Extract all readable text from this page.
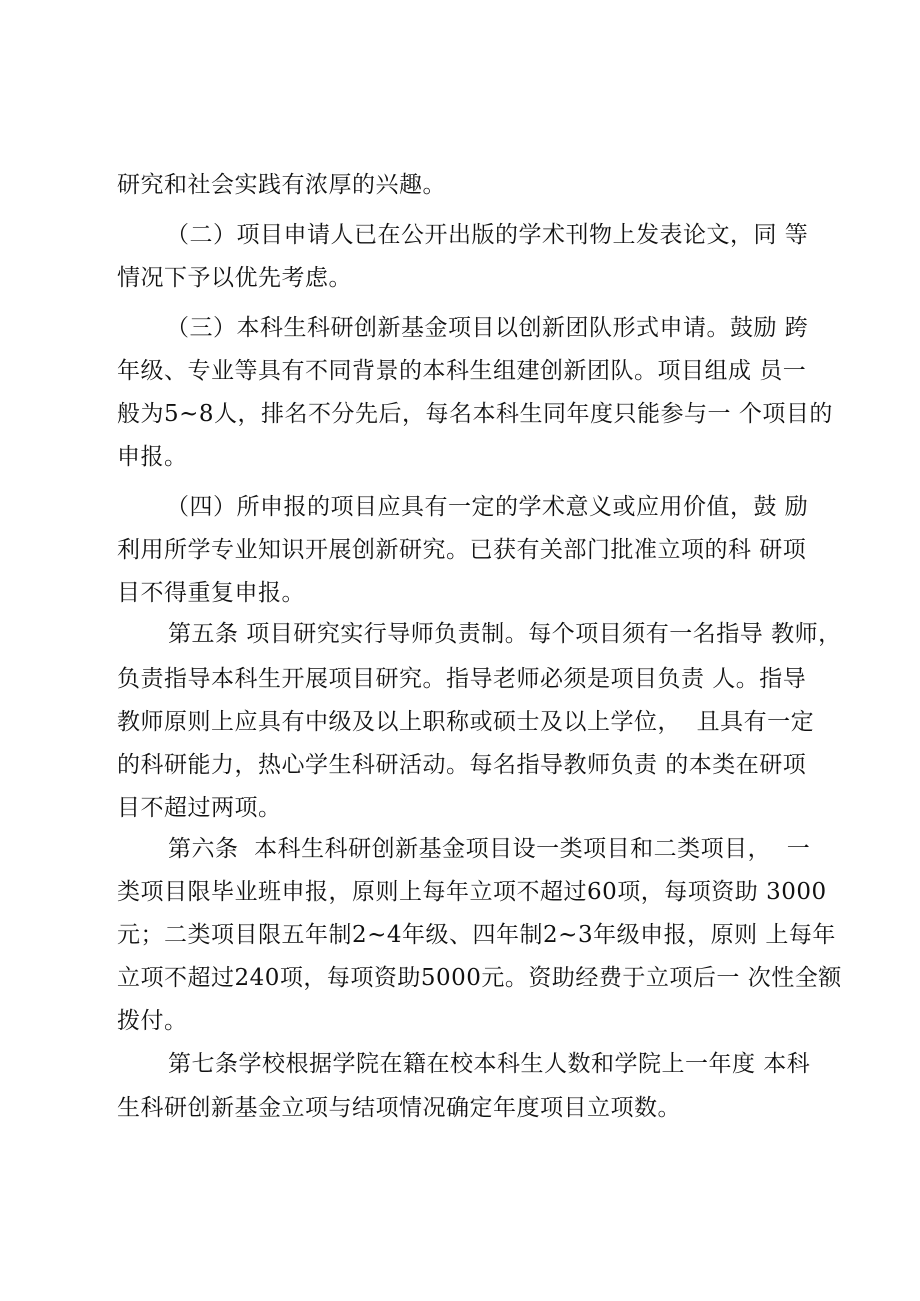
研究和社会实践有浓厚的兴趣。
（二）项目申请人已在公开出版的学术刊物上发表论文，同 等
情况下予以优先考虑。
（三）本科生科研创新基金项目以创新团队形式申请。鼓励 跨
年级、专业等具有不同背景的本科生组建创新团队。项目组成 员一
般为5~8人，排名不分先后，每名本科生同年度只能参与一 个项目的
申报。
（四）所申报的项目应具有一定的学术意义或应用价值，鼓 励
利用所学专业知识开展创新研究。已获有关部门批准立项的科 研项
目不得重复申报。
第五条 项目研究实行导师负责制。每个项目须有一名指导 教师，
负责指导本科生开展项目研究。指导老师必须是项目负责 人。指导
教师原则上应具有中级及以上职称或硕士及以上学位，  且具有一定
的科研能力，热心学生科研活动。每名指导教师负责 的本类在研项
目不超过两项。
第六条  本科生科研创新基金项目设一类项目和二类项目，  一
类项目限毕业班申报，原则上每年立项不超过60项，每项资助 3000
元；二类项目限五年制2~4年级、四年制2~3年级申报，原则 上每年
立项不超过240项，每项资助5000元。资助经费于立项后一 次性全额
拨付。
第七条学校根据学院在籍在校本科生人数和学院上一年度 本科
生科研创新基金立项与结项情况确定年度项目立项数。
